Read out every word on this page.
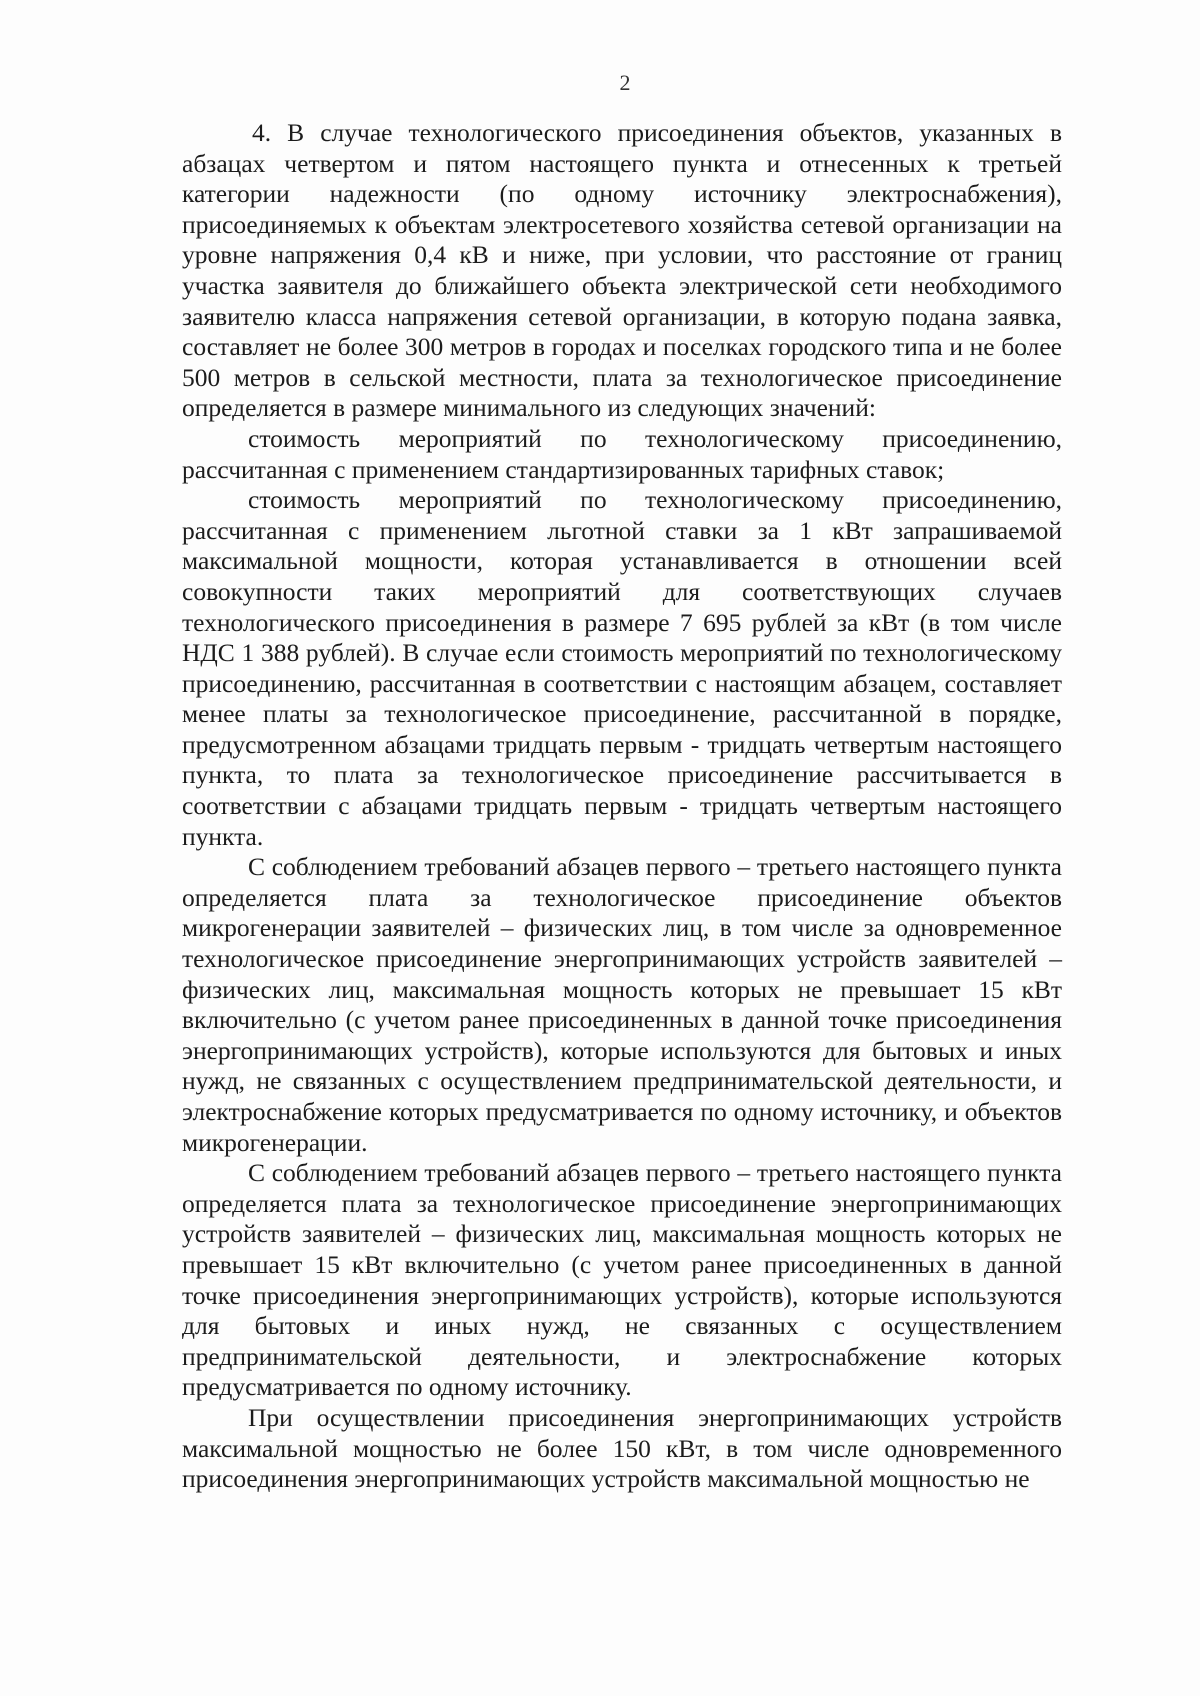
2

4. В случае технологического присоединения объектов, указанных в абзацах четвертом и пятом настоящего пункта и отнесенных к третьей категории надежности (по одному источнику электроснабжения), присоединяемых к объектам электросетевого хозяйства сетевой организации на уровне напряжения 0,4 кВ и ниже, при условии, что расстояние от границ участка заявителя до ближайшего объекта электрической сети необходимого заявителю класса напряжения сетевой организации, в которую подана заявка, составляет не более 300 метров в городах и поселках городского типа и не более 500 метров в сельской местности, плата за технологическое присоединение определяется в размере минимального из следующих значений:

стоимость мероприятий по технологическому присоединению, рассчитанная с применением стандартизированных тарифных ставок;

стоимость мероприятий по технологическому присоединению, рассчитанная с применением льготной ставки за 1 кВт запрашиваемой максимальной мощности, которая устанавливается в отношении всей совокупности таких мероприятий для соответствующих случаев технологического присоединения в размере 7 695 рублей за кВт (в том числе НДС 1 388 рублей). В случае если стоимость мероприятий по технологическому присоединению, рассчитанная в соответствии с настоящим абзацем, составляет менее платы за технологическое присоединение, рассчитанной в порядке, предусмотренном абзацами тридцать первым - тридцать четвертым настоящего пункта, то плата за технологическое присоединение рассчитывается в соответствии с абзацами тридцать первым - тридцать четвертым настоящего пункта.

С соблюдением требований абзацев первого – третьего настоящего пункта определяется плата за технологическое присоединение объектов микрогенерации заявителей – физических лиц, в том числе за одновременное технологическое присоединение энергопринимающих устройств заявителей – физических лиц, максимальная мощность которых не превышает 15 кВт включительно (с учетом ранее присоединенных в данной точке присоединения энергопринимающих устройств), которые используются для бытовых и иных нужд, не связанных с осуществлением предпринимательской деятельности, и электроснабжение которых предусматривается по одному источнику, и объектов микрогенерации.

С соблюдением требований абзацев первого – третьего настоящего пункта определяется плата за технологическое присоединение энергопринимающих устройств заявителей – физических лиц, максимальная мощность которых не превышает 15 кВт включительно (с учетом ранее присоединенных в данной точке присоединения энергопринимающих устройств), которые используются для бытовых и иных нужд, не связанных с осуществлением предпринимательской деятельности, и электроснабжение которых предусматривается по одному источнику.

При осуществлении присоединения энергопринимающих устройств максимальной мощностью не более 150 кВт, в том числе одновременного присоединения энергопринимающих устройств максимальной мощностью не
